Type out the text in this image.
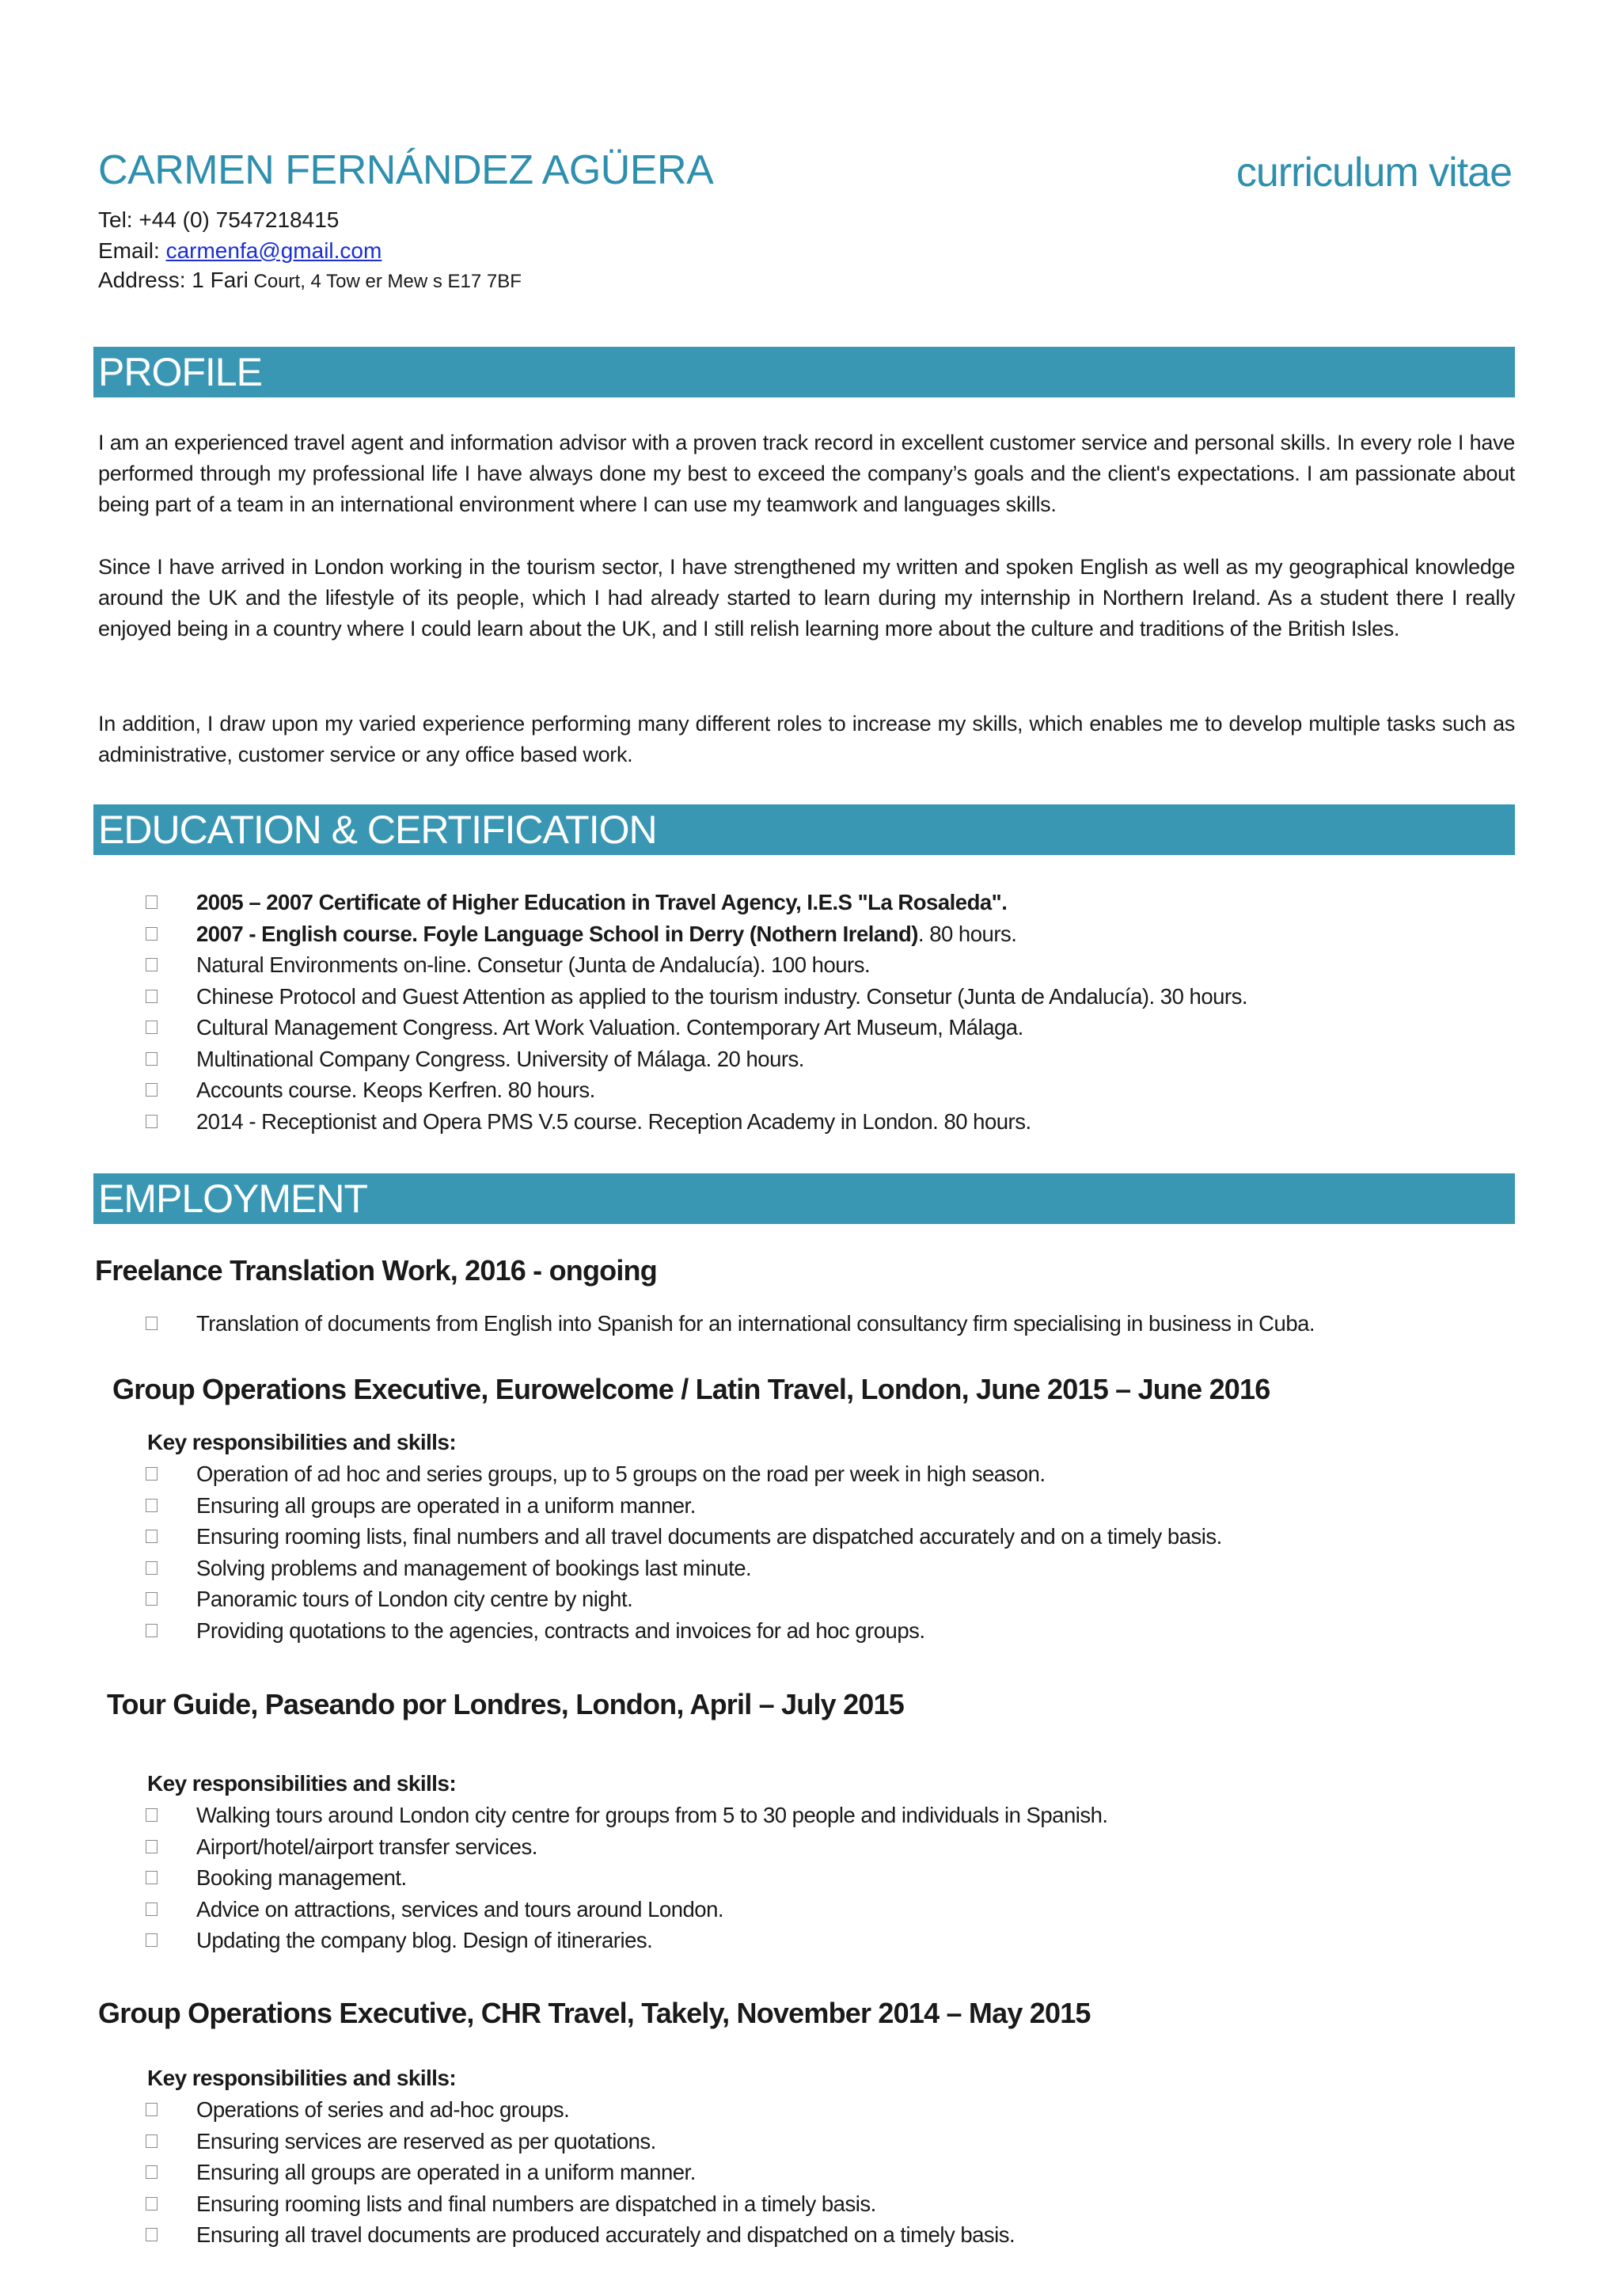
CARMEN FERNÁNDEZ AGÜERA	curriculum vitae
Tel: +44 (0) 7547218415
Email: carmenfa@gmail.com
Address: 1 Fari Court, 4 Tow er Mew s E17 7BF
PROFILE

I am an experienced travel agent and information advisor with a proven track record in excellent customer service and personal skills. In every role I have performed through my professional life I have always done my best to exceed the company’s goals and the client's expectations. I am passionate about being part of a team in an international environment where I can use my teamwork and languages skills.

Since I have arrived in London working in the tourism sector, I have strengthened my written and spoken English as well as my geographical knowledge around the UK and the lifestyle of its people, which I had already started to learn during my internship in Northern Ireland. As a student there I really enjoyed being in a country where I could learn about the UK, and I still relish learning more about the culture and traditions of the British Isles.

In addition, I draw upon my varied experience performing many different roles to increase my skills, which enables me to develop multiple tasks such as administrative, customer service or any office based work.

EDUCATION & CERTIFICATION
2005 – 2007 Certificate of Higher Education in Travel Agency, I.E.S "La Rosaleda".
2007 - English course. Foyle Language School in Derry (Nothern Ireland). 80 hours.
Natural Environments on-line. Consetur (Junta de Andalucía). 100 hours.
Chinese Protocol and Guest Attention as applied to the tourism industry. Consetur (Junta de Andalucía). 30 hours.
Cultural Management Congress. Art Work Valuation. Contemporary Art Museum, Málaga.
Multinational Company Congress. University of Málaga. 20 hours.
Accounts course. Keops Kerfren. 80 hours.
2014 - Receptionist and Opera PMS V.5 course. Reception Academy in London. 80 hours.
EMPLOYMENT
Freelance Translation Work, 2016 - ongoing
Translation of documents from English into Spanish for an international consultancy firm specialising in business in Cuba.
Group Operations Executive, Eurowelcome / Latin Travel, London, June 2015 – June 2016
Key responsibilities and skills:
Operation of ad hoc and series groups, up to 5 groups on the road per week in high season.
Ensuring all groups are operated in a uniform manner.
Ensuring rooming lists, final numbers and all travel documents are dispatched accurately and on a timely basis.
Solving problems and management of bookings last minute.
Panoramic tours of London city centre by night.
Providing quotations to the agencies, contracts and invoices for ad hoc groups.
Tour Guide, Paseando por Londres, London, April – July 2015
Key responsibilities and skills:
Walking tours around London city centre for groups from 5 to 30 people and individuals in Spanish.
Airport/hotel/airport transfer services.
Booking management.
Advice on attractions, services and tours around London.
Updating the company blog. Design of itineraries.
Group Operations Executive, CHR Travel, Takely, November 2014 – May 2015
Key responsibilities and skills:
Operations of series and ad-hoc groups.
Ensuring services are reserved as per quotations.
Ensuring all groups are operated in a uniform manner.
Ensuring rooming lists and final numbers are dispatched in a timely basis.
Ensuring all travel documents are produced accurately and dispatched on a timely basis.
